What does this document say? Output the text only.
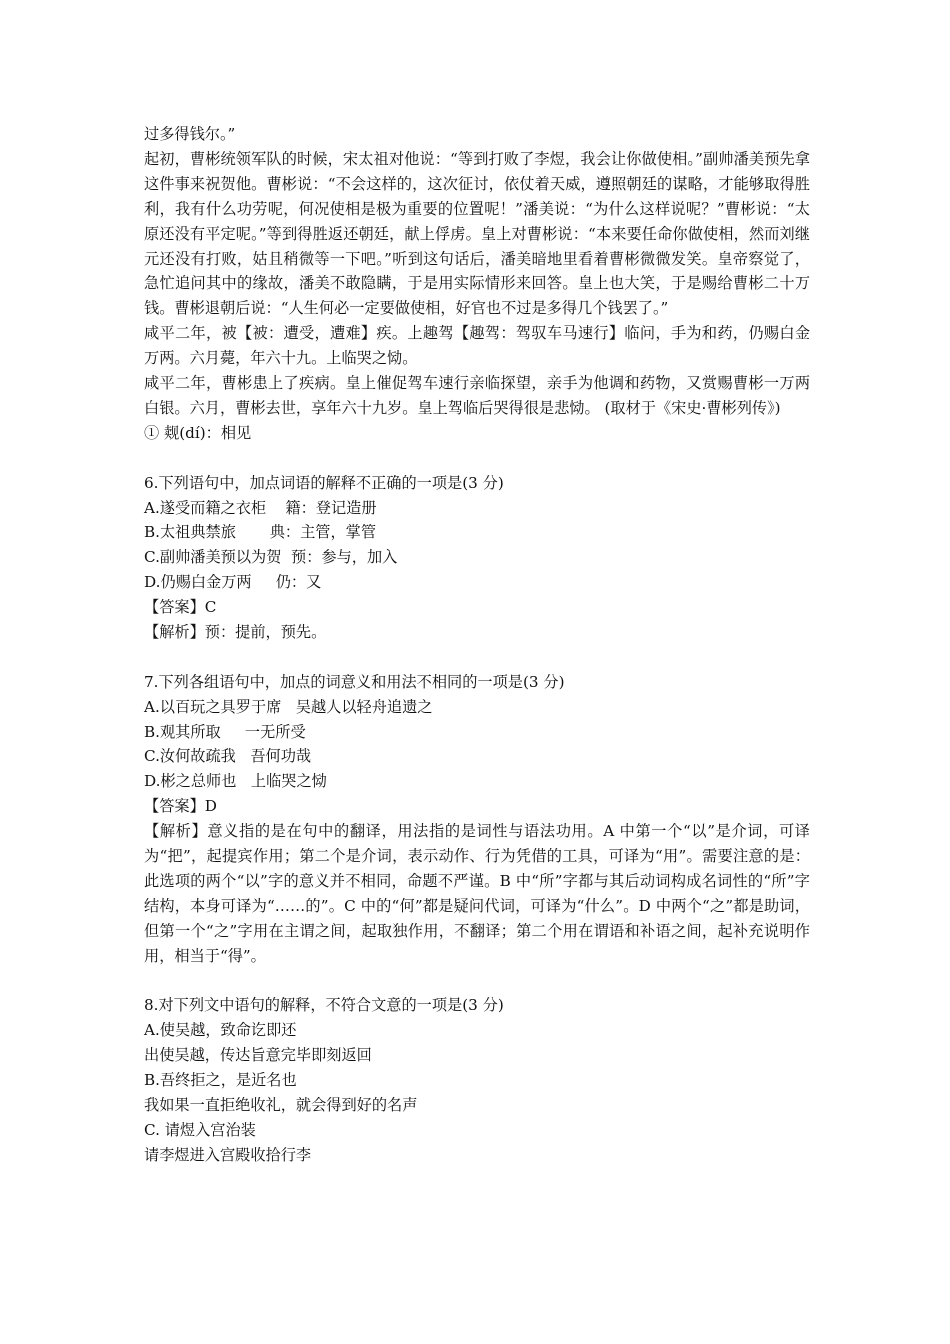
过多得钱尔。”
起初，曹彬统领军队的时候，宋太祖对他说：“等到打败了李煜，我会让你做使相。”副帅潘美预先拿这件事来祝贺他。曹彬说：“不会这样的，这次征讨，依仗着天威，遵照朝廷的谋略，才能够取得胜利，我有什么功劳呢，何况使相是极为重要的位置呢！”潘美说：“为什么这样说呢？”曹彬说：“太原还没有平定呢。”等到得胜返还朝廷，献上俘虏。皇上对曹彬说：“本来要任命你做使相，然而刘继元还没有打败，姑且稍微等一下吧。”听到这句话后，潘美暗地里看着曹彬微微发笑。皇帝察觉了，急忙追问其中的缘故，潘美不敢隐瞒，于是用实际情形来回答。皇上也大笑，于是赐给曹彬二十万钱。曹彬退朝后说：“人生何必一定要做使相，好官也不过是多得几个钱罢了。”
咸平二年，被【被：遭受，遭难】疾。上趣驾【趣驾：驾驭车马速行】临问，手为和药，仍赐白金万两。六月薨，年六十九。上临哭之恸。
咸平二年，曹彬患上了疾病。皇上催促驾车速行亲临探望，亲手为他调和药物，又赏赐曹彬一万两白银。六月，曹彬去世，享年六十九岁。皇上驾临后哭得很是悲恸。 (取材于《宋史·曹彬列传》)
① 觌(dí)：相见
6.下列语句中，加点词语的解释不正确的一项是(3 分)
A.遂受而籍之衣柜    籍：登记造册
B.太祖典禁旅       典：主管，掌管
C.副帅潘美预以为贺  预：参与，加入
D.仍赐白金万两     仍：又
【答案】C
【解析】预：提前，预先。
7.下列各组语句中，加点的词意义和用法不相同的一项是(3 分)
A.以百玩之具罗于席   吴越人以轻舟追遗之
B.观其所取     一无所受
C.汝何故疏我   吾何功哉
D.彬之总师也   上临哭之恸
【答案】D
【解析】意义指的是在句中的翻译，用法指的是词性与语法功用。A 中第一个“以”是介词，可译为“把”，起提宾作用；第二个是介词，表示动作、行为凭借的工具，可译为“用”。需要注意的是：此选项的两个“以”字的意义并不相同，命题不严谨。B 中“所”字都与其后动词构成名词性的“所”字结构，本身可译为“……的”。C 中的“何”都是疑问代词，可译为“什么”。D 中两个“之”都是助词，但第一个“之”字用在主谓之间，起取独作用，不翻译；第二个用在谓语和补语之间，起补充说明作用，相当于“得”。
8.对下列文中语句的解释，不符合文意的一项是(3 分)
A.使吴越，致命讫即还
出使吴越，传达旨意完毕即刻返回
B.吾终拒之，是近名也
我如果一直拒绝收礼，就会得到好的名声
C. 请煜入宫治装
请李煜进入宫殿收拾行李
